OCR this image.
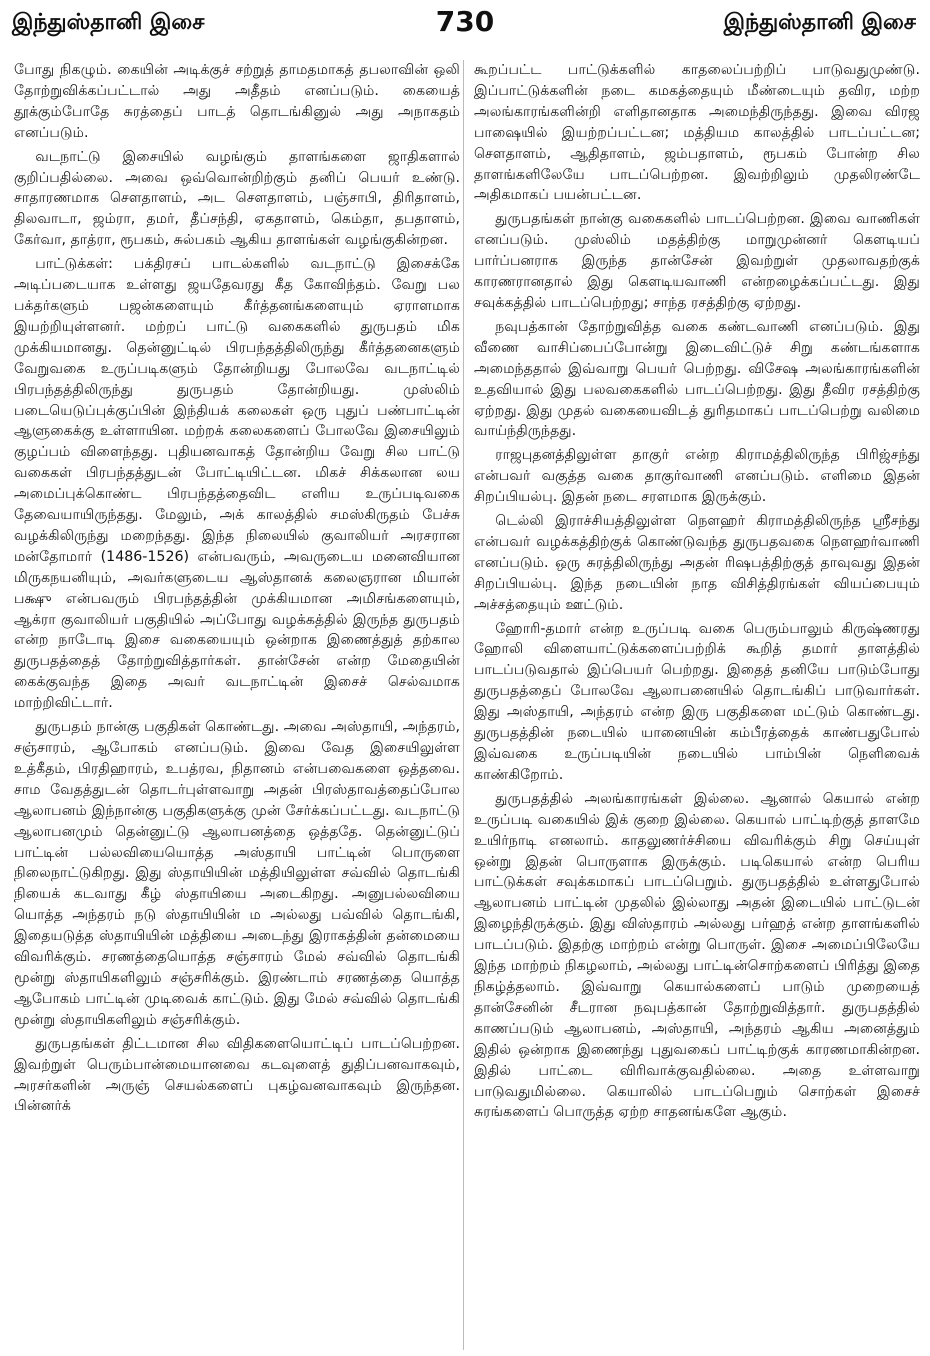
இந்துஸ்தானி இசை	730	இந்துஸ்தானி இசை

போது நிகழும். கையின் அடிக்குச் சற்றுத் தாமதமாகத் தபலாவின் ஒலி தோற்றுவிக்கப்பட்டால் அது அதீதம் எனப்படும். கையைத் தூக்கும்போதே சுரத்தைப் பாடத் தொடங்கினுல் அது அநாகதம் எனப்படும்.

வடநாட்டு இசையில் வழங்கும் தாளங்களை ஜாதிகளால் குறிப்பதில்லை. அவை ஒவ்வொன்றிற்கும் தனிப் பெயர் உண்டு. சாதாரணமாக சௌதாளம், அட சௌதாளம், பஞ்சாபி, திரிதாளம், திலவாடா, ஜம்ரா, தமர், தீப்சந்தி, ஏகதாளம், கெம்தா, தபதாளம், கேர்வா, தாத்ரா, ரூபகம், சுல்பகம் ஆகிய தாளங்கள் வழங்குகின்றன.

பாட்டுக்கள்: பக்திரசப் பாடல்களில் வடநாட்டு இசைக்கே அடிப்படையாக உள்ளது ஜயதேவரது கீத கோவிந்தம். வேறு பல பக்தர்களும் பஜன்களையும் கீர்த்தனங்களையும் ஏராளமாக இயற்றியுள்ளனர். மற்றப் பாட்டு வகைகளில் துருபதம் மிக முக்கியமானது. தென்னுட்டில் பிரபந்தத்திலிருந்து கீர்த்தனைகளும் வேறுவகை உருப்படிகளும் தோன்றியது போலவே வடநாட்டில் பிரபந்தத்திலிருந்து துருபதம் தோன்றியது. முஸ்லிம் படையெடுப்புக்குப்பின் இந்தியக் கலைகள் ஒரு புதுப் பண்பாட்டின் ஆளுகைக்கு உள்ளாயின. மற்றக் கலைகளைப் போலவே இசையிலும் குழப்பம் விளைந்தது. புதியனவாகத் தோன்றிய வேறு சில பாட்டு வகைகள் பிரபந்தத்துடன் போட்டியிட்டன. மிகச் சிக்கலான லய அமைப்புக்கொண்ட பிரபந்தத்தைவிட எளிய உருப்படிவகை தேவையாயிருந்தது. மேலும், அக் காலத்தில் சமஸ்கிருதம் பேச்சு வழக்கிலிருந்து மறைந்தது. இந்த நிலையில் குவாலியர் அரசரான மன்தோமார் (1486-1526) என்பவரும், அவருடைய மனைவியான மிருகநயனியும், அவர்களுடைய ஆஸ்தானக் கலைஞரான மியான் பக்ஷு என்பவரும் பிரபந்தத்தின் முக்கியமான அமிசங்களையும், ஆக்ரா குவாலியர் பகுதியில் அப்போது வழக்கத்தில் இருந்த துருபதம் என்ற நாடோடி இசை வகையையும் ஒன்றாக இணைத்துத் தற்கால துருபதத்தைத் தோற்றுவித்தார்கள். தான்சேன் என்ற மேதையின் கைக்குவந்த இதை அவர் வடநாட்டின் இசைச் செல்வமாக மாற்றிவிட்டார்.

துருபதம் நான்கு பகுதிகள் கொண்டது. அவை அஸ்தாயி, அந்தரம், சஞ்சாரம், ஆபோகம் எனப்படும். இவை வேத இசையிலுள்ள உத்கீதம், பிரதிஹாரம், உபத்ரவ, நிதானம் என்பவைகளை ஒத்தவை. சாம வேதத்துடன் தொடர்புள்ளவாறு அதன் பிரஸ்தாவத்தைப்போல ஆலாபனம் இந்நான்கு பகுதிகளுக்கு முன் சேர்க்கப்பட்டது. வடநாட்டு ஆலாபனமும் தென்னுட்டு ஆலாபனத்தை ஒத்ததே. தென்னுட்டுப் பாட்டின் பல்லவியையொத்த அஸ்தாயி பாட்டின் பொருளை நிலைநாட்டுகிறது. இது ஸ்தாயியின் மத்தியிலுள்ள சவ்வில் தொடங்கி நியைக் கடவாது கீழ் ஸ்தாயியை அடைகிறது. அனுபல்லவியை யொத்த அந்தரம் நடு ஸ்தாயியின் ம அல்லது பவ்வில் தொடங்கி, இதையடுத்த ஸ்தாயியின் மத்தியை அடைந்து இராகத்தின் தன்மையை விவரிக்கும். சரணத்தையொத்த சஞ்சாரம் மேல் சவ்வில் தொடங்கி மூன்று ஸ்தாயிகளிலும் சஞ்சரிக்கும். இரண்டாம் சரணத்தை யொத்த ஆபோகம் பாட்டின் முடிவைக் காட்டும். இது மேல் சவ்வில் தொடங்கி மூன்று ஸ்தாயிகளிலும் சஞ்சரிக்கும்.

துருபதங்கள் திட்டமான சில விதிகளையொட்டிப் பாடப்பெற்றன. இவற்றுள் பெரும்பான்மையானவை கடவுளைத் துதிப்பனவாகவும், அரசர்களின் அருஞ் செயல்களைப் புகழ்வனவாகவும் இருந்தன. பின்னர்க்

கூறப்பட்ட பாட்டுக்களில் காதலைப்பற்றிப் பாடுவதுமுண்டு. இப்பாட்டுக்களின் நடை கமகத்தையும் மீண்டையும் தவிர, மற்ற அலங்காரங்களின்றி எளிதானதாக அமைந்திருந்தது. இவை விரஜ பாஷையில் இயற்றப்பட்டன; மத்தியம காலத்தில் பாடப்பட்டன; சௌதாளம், ஆதிதாளம், ஜம்பதாளம், ரூபகம் போன்ற சில தாளங்களிலேயே பாடப்பெற்றன. இவற்றிலும் முதலிரண்டே அதிகமாகப் பயன்பட்டன.

துருபதங்கள் நான்கு வகைகளில் பாடப்பெற்றன. இவை வாணிகள் எனப்படும். முஸ்லிம் மதத்திற்கு மாறுமுன்னர் கௌடியப் பார்ப்பனராக இருந்த தான்சேன் இவற்றுள் முதலாவதற்குக் காரணரானதால் இது கௌடியவாணி என்றழைக்கப்பட்டது. இது சவுக்கத்தில் பாடப்பெற்றது; சாந்த ரசத்திற்கு ஏற்றது.

நவுபத்கான் தோற்றுவித்த வகை கண்டவாணி எனப்படும். இது வீணை வாசிப்பைப்போன்று இடைவிட்டுச் சிறு கண்டங்களாக அமைந்ததால் இவ்வாறு பெயர் பெற்றது. விசேஷ அலங்காரங்களின் உதவியால் இது பலவகைகளில் பாடப்பெற்றது. இது தீவிர ரசத்திற்கு ஏற்றது. இது முதல் வகையைவிடத் துரிதமாகப் பாடப்பெற்று வலிமை வாய்ந்திருந்தது.

ராஜபுதனத்திலுள்ள தாகுர் என்ற கிராமத்திலிருந்த பிரிஜ்சந்து என்பவர் வகுத்த வகை தாகுர்வாணி எனப்படும். எளிமை இதன் சிறப்பியல்பு. இதன் நடை சரளமாக இருக்கும்.

டெல்லி இராச்சியத்திலுள்ள நௌஹர் கிராமத்திலிருந்த ஸ்ரீசந்து என்பவர் வழக்கத்திற்குக் கொண்டுவந்த துருபதவகை நௌஹர்வாணி எனப்படும். ஒரு சுரத்திலிருந்து அதன் ரிஷபத்திற்குத் தாவுவது இதன் சிறப்பியல்பு. இந்த நடையின் நாத விசித்திரங்கள் வியப்பையும் அச்சத்தையும் ஊட்டும்.

ஹோரி-தமார் என்ற உருப்படி வகை பெரும்பாலும் கிருஷ்ணரது ஹோலி விளையாட்டுக்களைப்பற்றிக் கூறித் தமார் தாளத்தில் பாடப்படுவதால் இப்பெயர் பெற்றது. இதைத் தனியே பாடும்போது துருபதத்தைப் போலவே ஆலாபனையில் தொடங்கிப் பாடுவார்கள். இது அஸ்தாயி, அந்தரம் என்ற இரு பகுதிகளை மட்டும் கொண்டது. துருபதத்தின் நடையில் யானையின் கம்பீரத்தைக் காண்பதுபோல் இவ்வகை உருப்படியின் நடையில் பாம்பின் நெளிவைக் காண்கிறோம்.

துருபதத்தில் அலங்காரங்கள் இல்லை. ஆனால் கெயால் என்ற உருப்படி வகையில் இக் குறை இல்லை. கெயால் பாட்டிற்குத் தாளமே உயிர்நாடி எனலாம். காதலுணர்ச்சியை விவரிக்கும் சிறு செய்யுள் ஒன்று இதன் பொருளாக இருக்கும். படிகெயால் என்ற பெரிய பாட்டுக்கள் சவுக்கமாகப் பாடப்பெறும். துருபதத்தில் உள்ளதுபோல் ஆலாபனம் பாட்டின் முதலில் இல்லாது அதன் இடையில் பாட்டுடன் இழைந்திருக்கும். இது விஸ்தாரம் அல்லது பர்ஹத் என்ற தாளங்களில் பாடப்படும். இதற்கு மாற்றம் என்று பொருள். இசை அமைப்பிலேயே இந்த மாற்றம் நிகழலாம், அல்லது பாட்டின்சொற்களைப் பிரித்து இதை நிகழ்த்தலாம். இவ்வாறு கெயால்களைப் பாடும் முறையைத் தான்சேனின் சீடரான நவுபத்கான் தோற்றுவித்தார். துருபதத்தில் காணப்படும் ஆலாபனம், அஸ்தாயி, அந்தரம் ஆகிய அனைத்தும் இதில் ஒன்றாக இணைந்து புதுவகைப் பாட்டிற்குக் காரணமாகின்றன. இதில் பாட்டை விரிவாக்குவதில்லை. அதை உள்ளவாறு பாடுவதுமில்லை. கெயாலில் பாடப்பெறும் சொற்கள் இசைச் சுரங்களைப் பொருத்த ஏற்ற சாதனங்களே ஆகும்.
